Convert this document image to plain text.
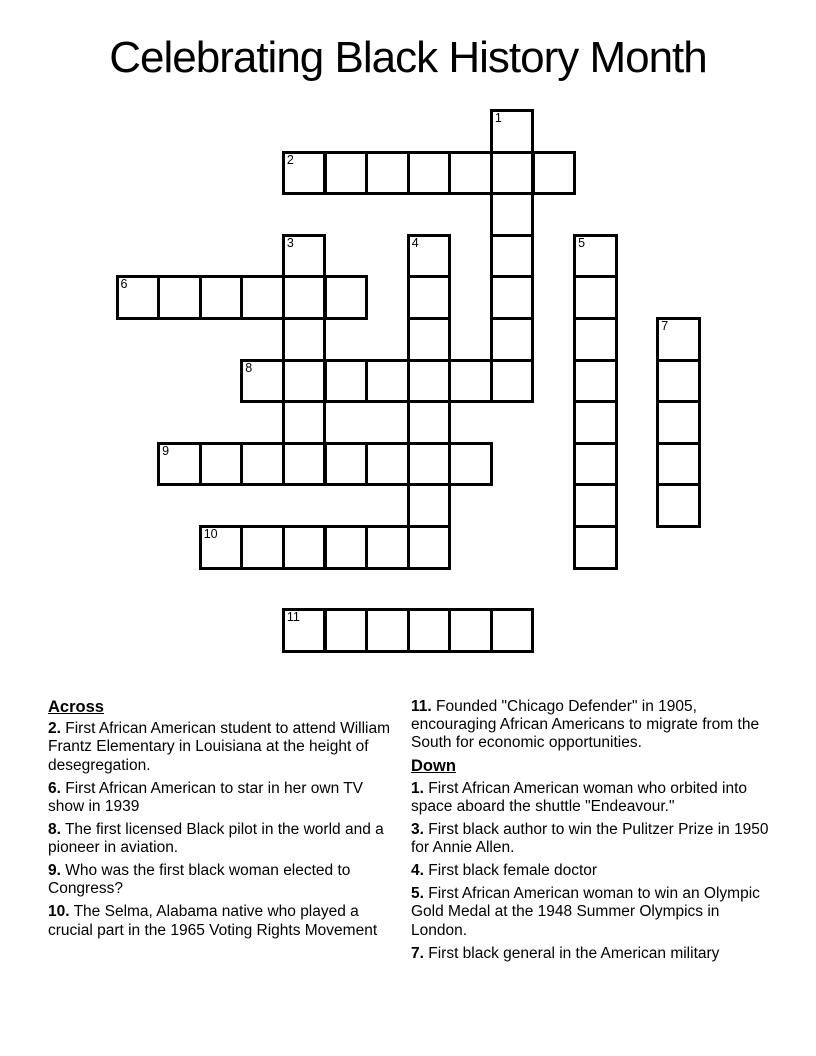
Celebrating Black History Month
1
2
3	4	5
6
7
8
9
10
11
Across
2. First African American student to attend William Frantz Elementary in Louisiana at the height of desegregation.
6. First African American to star in her own TV show in 1939
8. The first licensed Black pilot in the world and a pioneer in aviation.
9. Who was the first black woman elected to Congress?
10. The Selma, Alabama native who played a crucial part in the 1965 Voting Rights Movement
11. Founded "Chicago Defender" in 1905, encouraging African Americans to migrate from the South for economic opportunities.
Down
1. First African American woman who orbited into space aboard the shuttle "Endeavour."
3. First black author to win the Pulitzer Prize in 1950 for Annie Allen.
4. First black female doctor
5. First African American woman to win an Olympic Gold Medal at the 1948 Summer Olympics in London.
7. First black general in the American military
